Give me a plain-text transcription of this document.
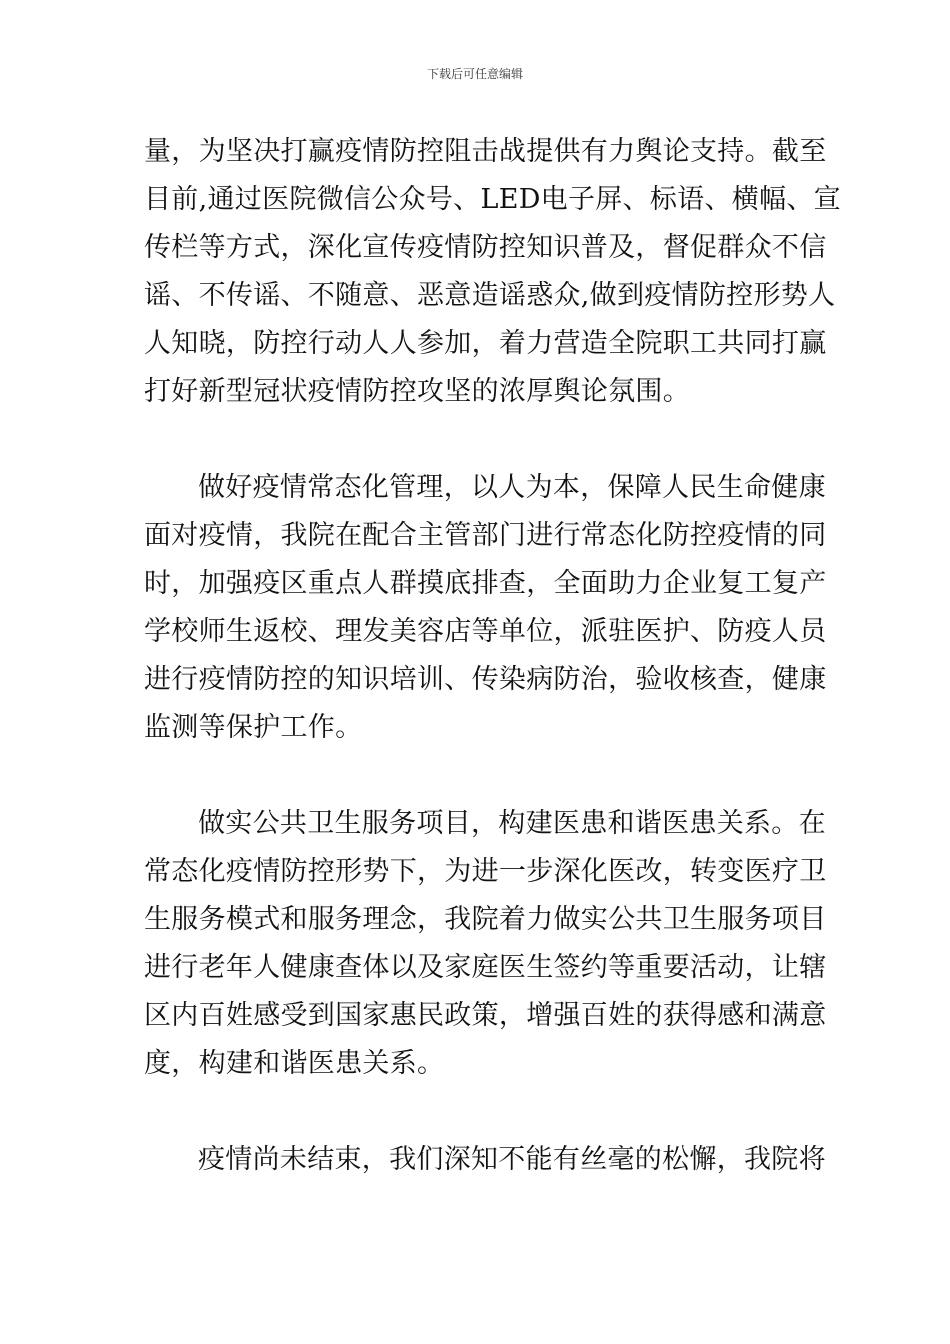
下载后可任意编辑
量，为坚决打赢疫情防控阻击战提供有力舆论支持。截至
目前,通过医院微信公众号、LED电子屏、标语、横幅、宣
传栏等方式，深化宣传疫情防控知识普及，督促群众不信
谣、不传谣、不随意、恶意造谣惑众,做到疫情防控形势人
人知晓，防控行动人人参加，着力营造全院职工共同打赢
打好新型冠状疫情防控攻坚的浓厚舆论氛围。
做好疫情常态化管理，以人为本，保障人民生命健康
面对疫情，我院在配合主管部门进行常态化防控疫情的同
时，加强疫区重点人群摸底排查，全面助力企业复工复产
学校师生返校、理发美容店等单位，派驻医护、防疫人员
进行疫情防控的知识培训、传染病防治，验收核查，健康
监测等保护工作。
做实公共卫生服务项目，构建医患和谐医患关系。在
常态化疫情防控形势下，为进一步深化医改，转变医疗卫
生服务模式和服务理念，我院着力做实公共卫生服务项目
进行老年人健康查体以及家庭医生签约等重要活动，让辖
区内百姓感受到国家惠民政策，增强百姓的获得感和满意
度，构建和谐医患关系。
疫情尚未结束，我们深知不能有丝毫的松懈，我院将
